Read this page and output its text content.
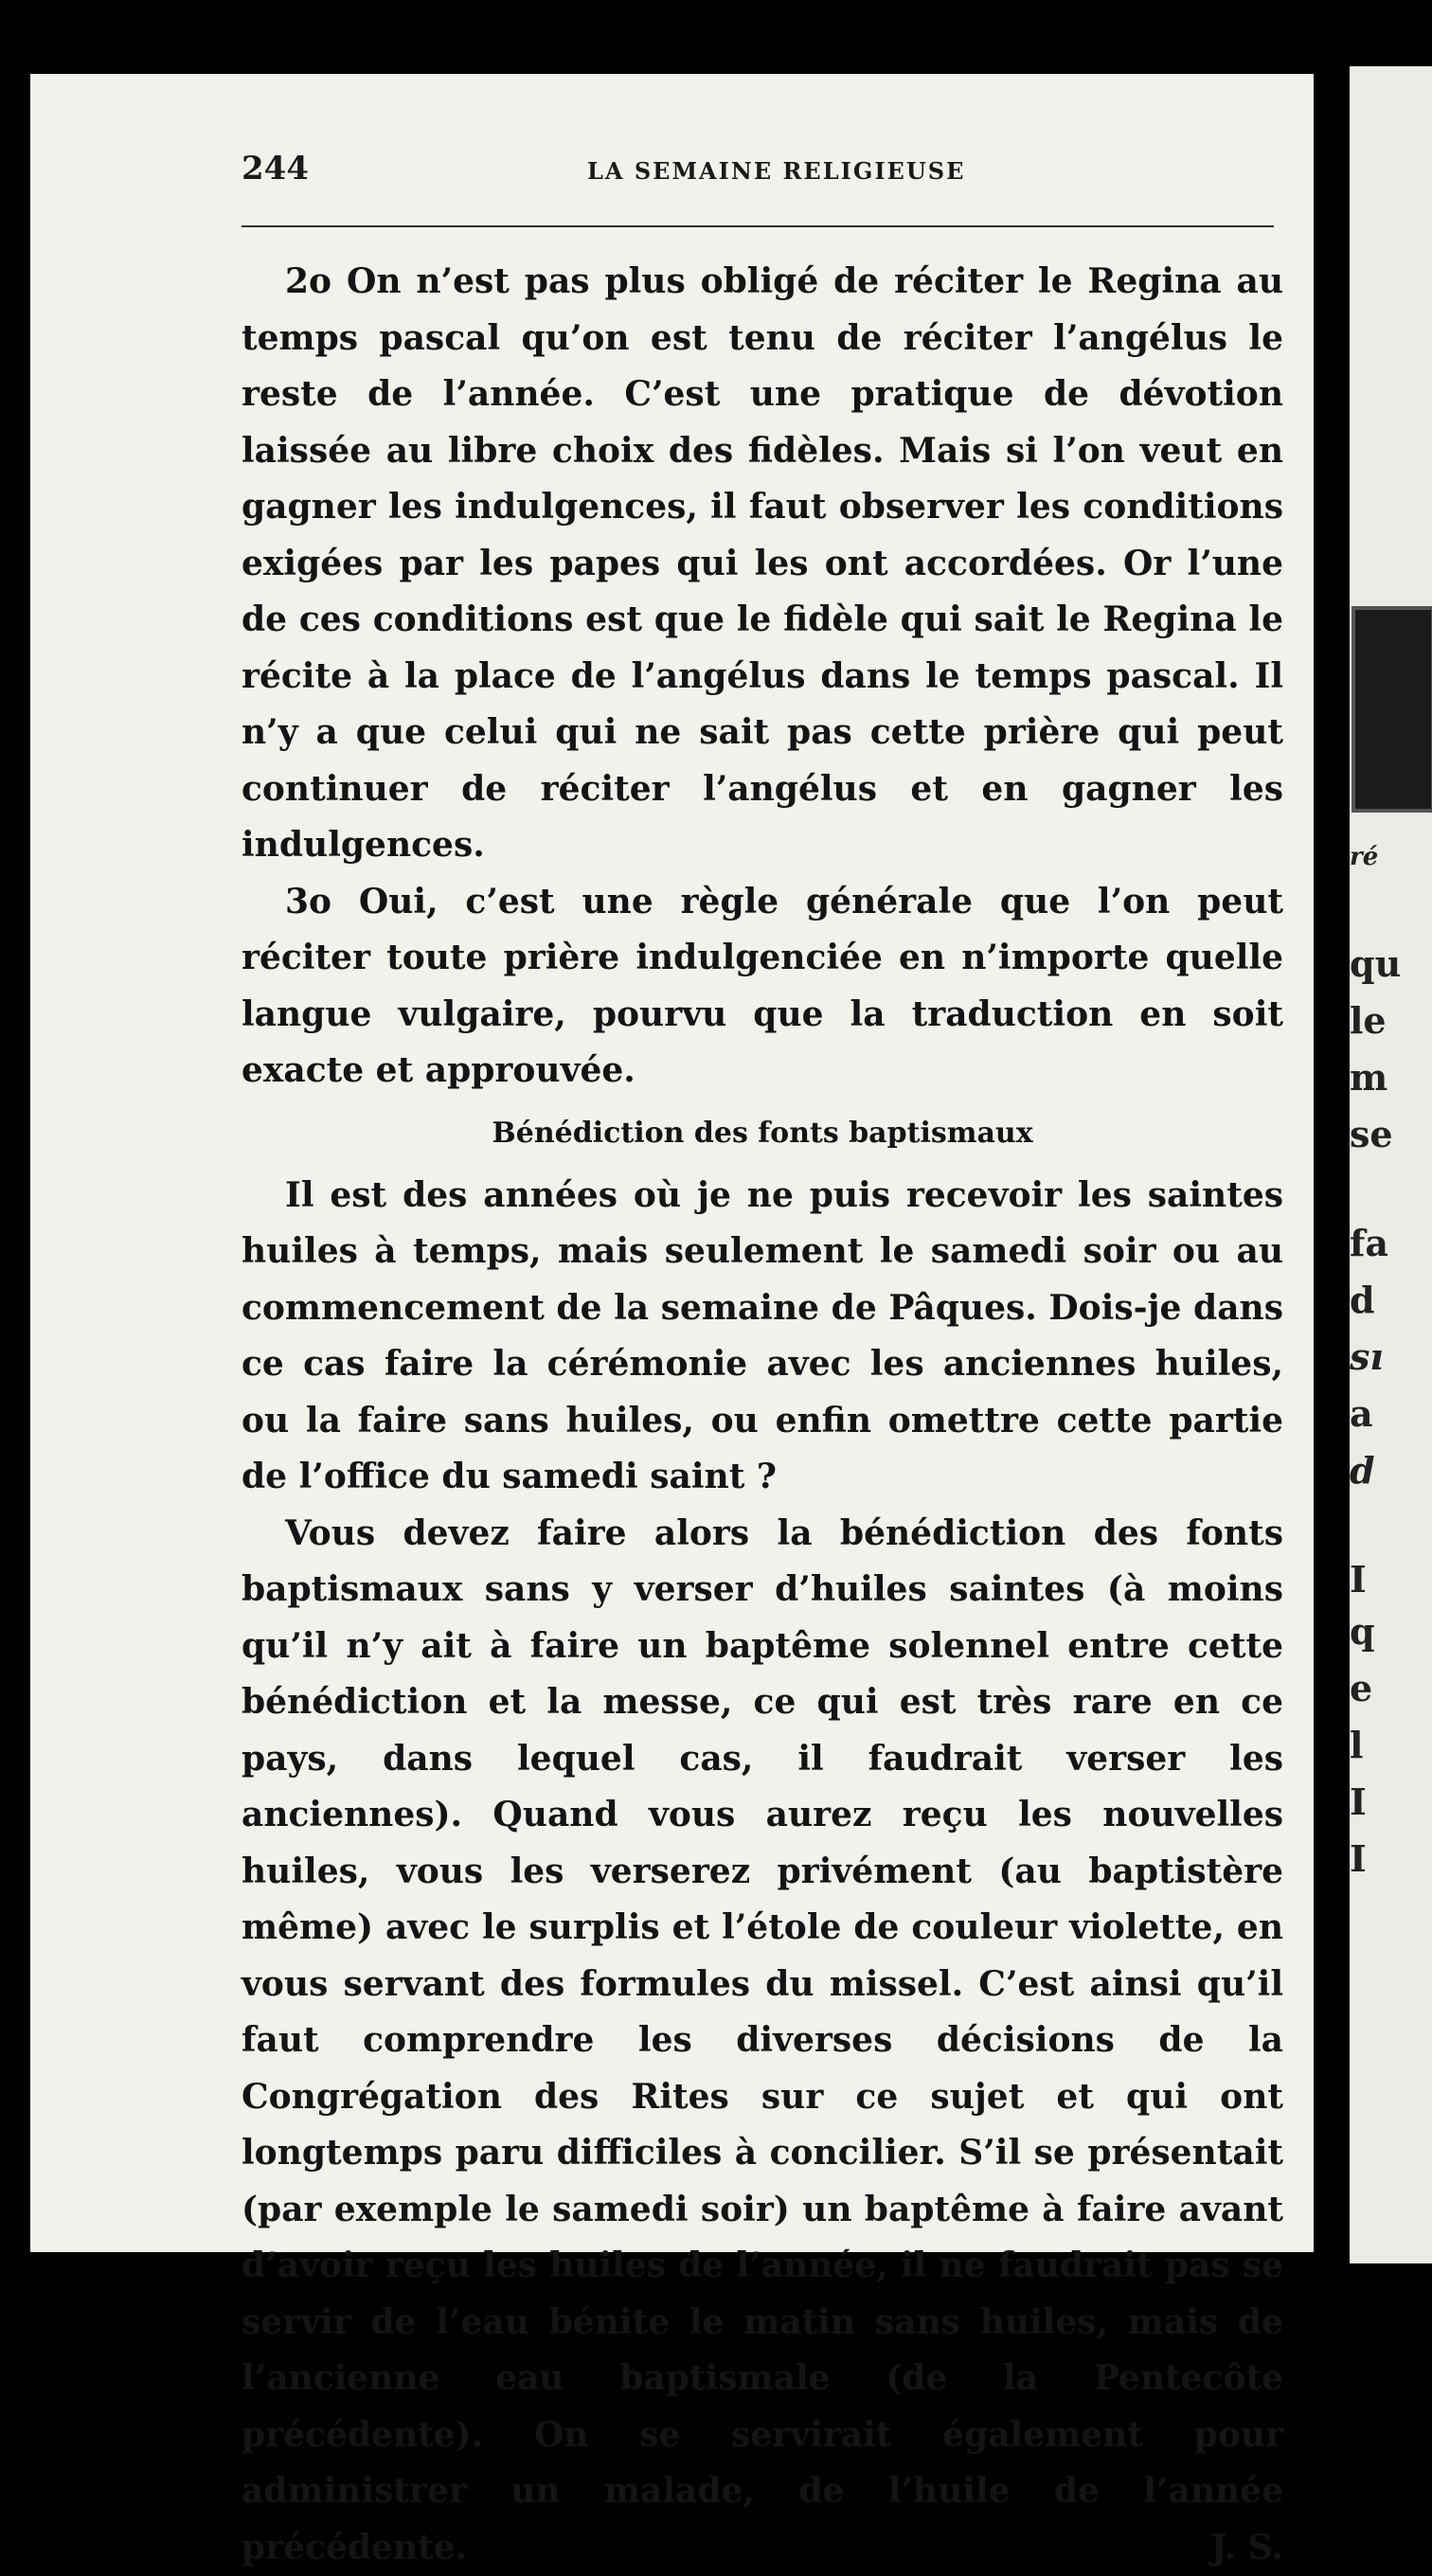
ré
qu
le
m
se
fa
d
sı
a
d
I
q
e
l
I
I
244	LA SEMAINE RELIGIEUSE

2o On n’est pas plus obligé de réciter le Regina au temps pascal qu’on est tenu de réciter l’angélus le reste de l’année. C’est une pratique de dévotion laissée au libre choix des fidèles. Mais si l’on veut en gagner les indulgences, il faut observer les conditions exigées par les papes qui les ont accordées. Or l’une de ces conditions est que le fidèle qui sait le Regina le récite à la place de l’angélus dans le temps pascal. Il n’y a que celui qui ne sait pas cette prière qui peut continuer de réciter l’angélus et en gagner les indulgences.

3o Oui, c’est une règle générale que l’on peut réciter toute prière indulgenciée en n’importe quelle langue vulgaire, pourvu que la traduction en soit exacte et approuvée.

Bénédiction des fonts baptismaux

Il est des années où je ne puis recevoir les saintes huiles à temps, mais seulement le samedi soir ou au commencement de la semaine de Pâques. Dois-je dans ce cas faire la cérémonie avec les anciennes huiles, ou la faire sans huiles, ou enfin omettre cette partie de l’office du samedi saint ?

Vous devez faire alors la bénédiction des fonts baptismaux sans y verser d’huiles saintes (à moins qu’il n’y ait à faire un baptême solennel entre cette bénédiction et la messe, ce qui est très rare en ce pays, dans lequel cas, il faudrait verser les anciennes). Quand vous aurez reçu les nouvelles huiles, vous les verserez privément (au baptistère même) avec le surplis et l’étole de couleur violette, en vous servant des formules du missel. C’est ainsi qu’il faut comprendre les diverses décisions de la Congrégation des Rites sur ce sujet et qui ont longtemps paru difficiles à concilier. S’il se présentait (par exemple le samedi soir) un baptême à faire avant d’avoir reçu les huiles de l’année, il ne faudrait pas se servir de l’eau bénite le matin sans huiles, mais de l’ancienne eau baptismale (de la Pentecôte précédente). On se servirait également pour administrer un malade, de l’huile de l’année précédente.	J. S.
